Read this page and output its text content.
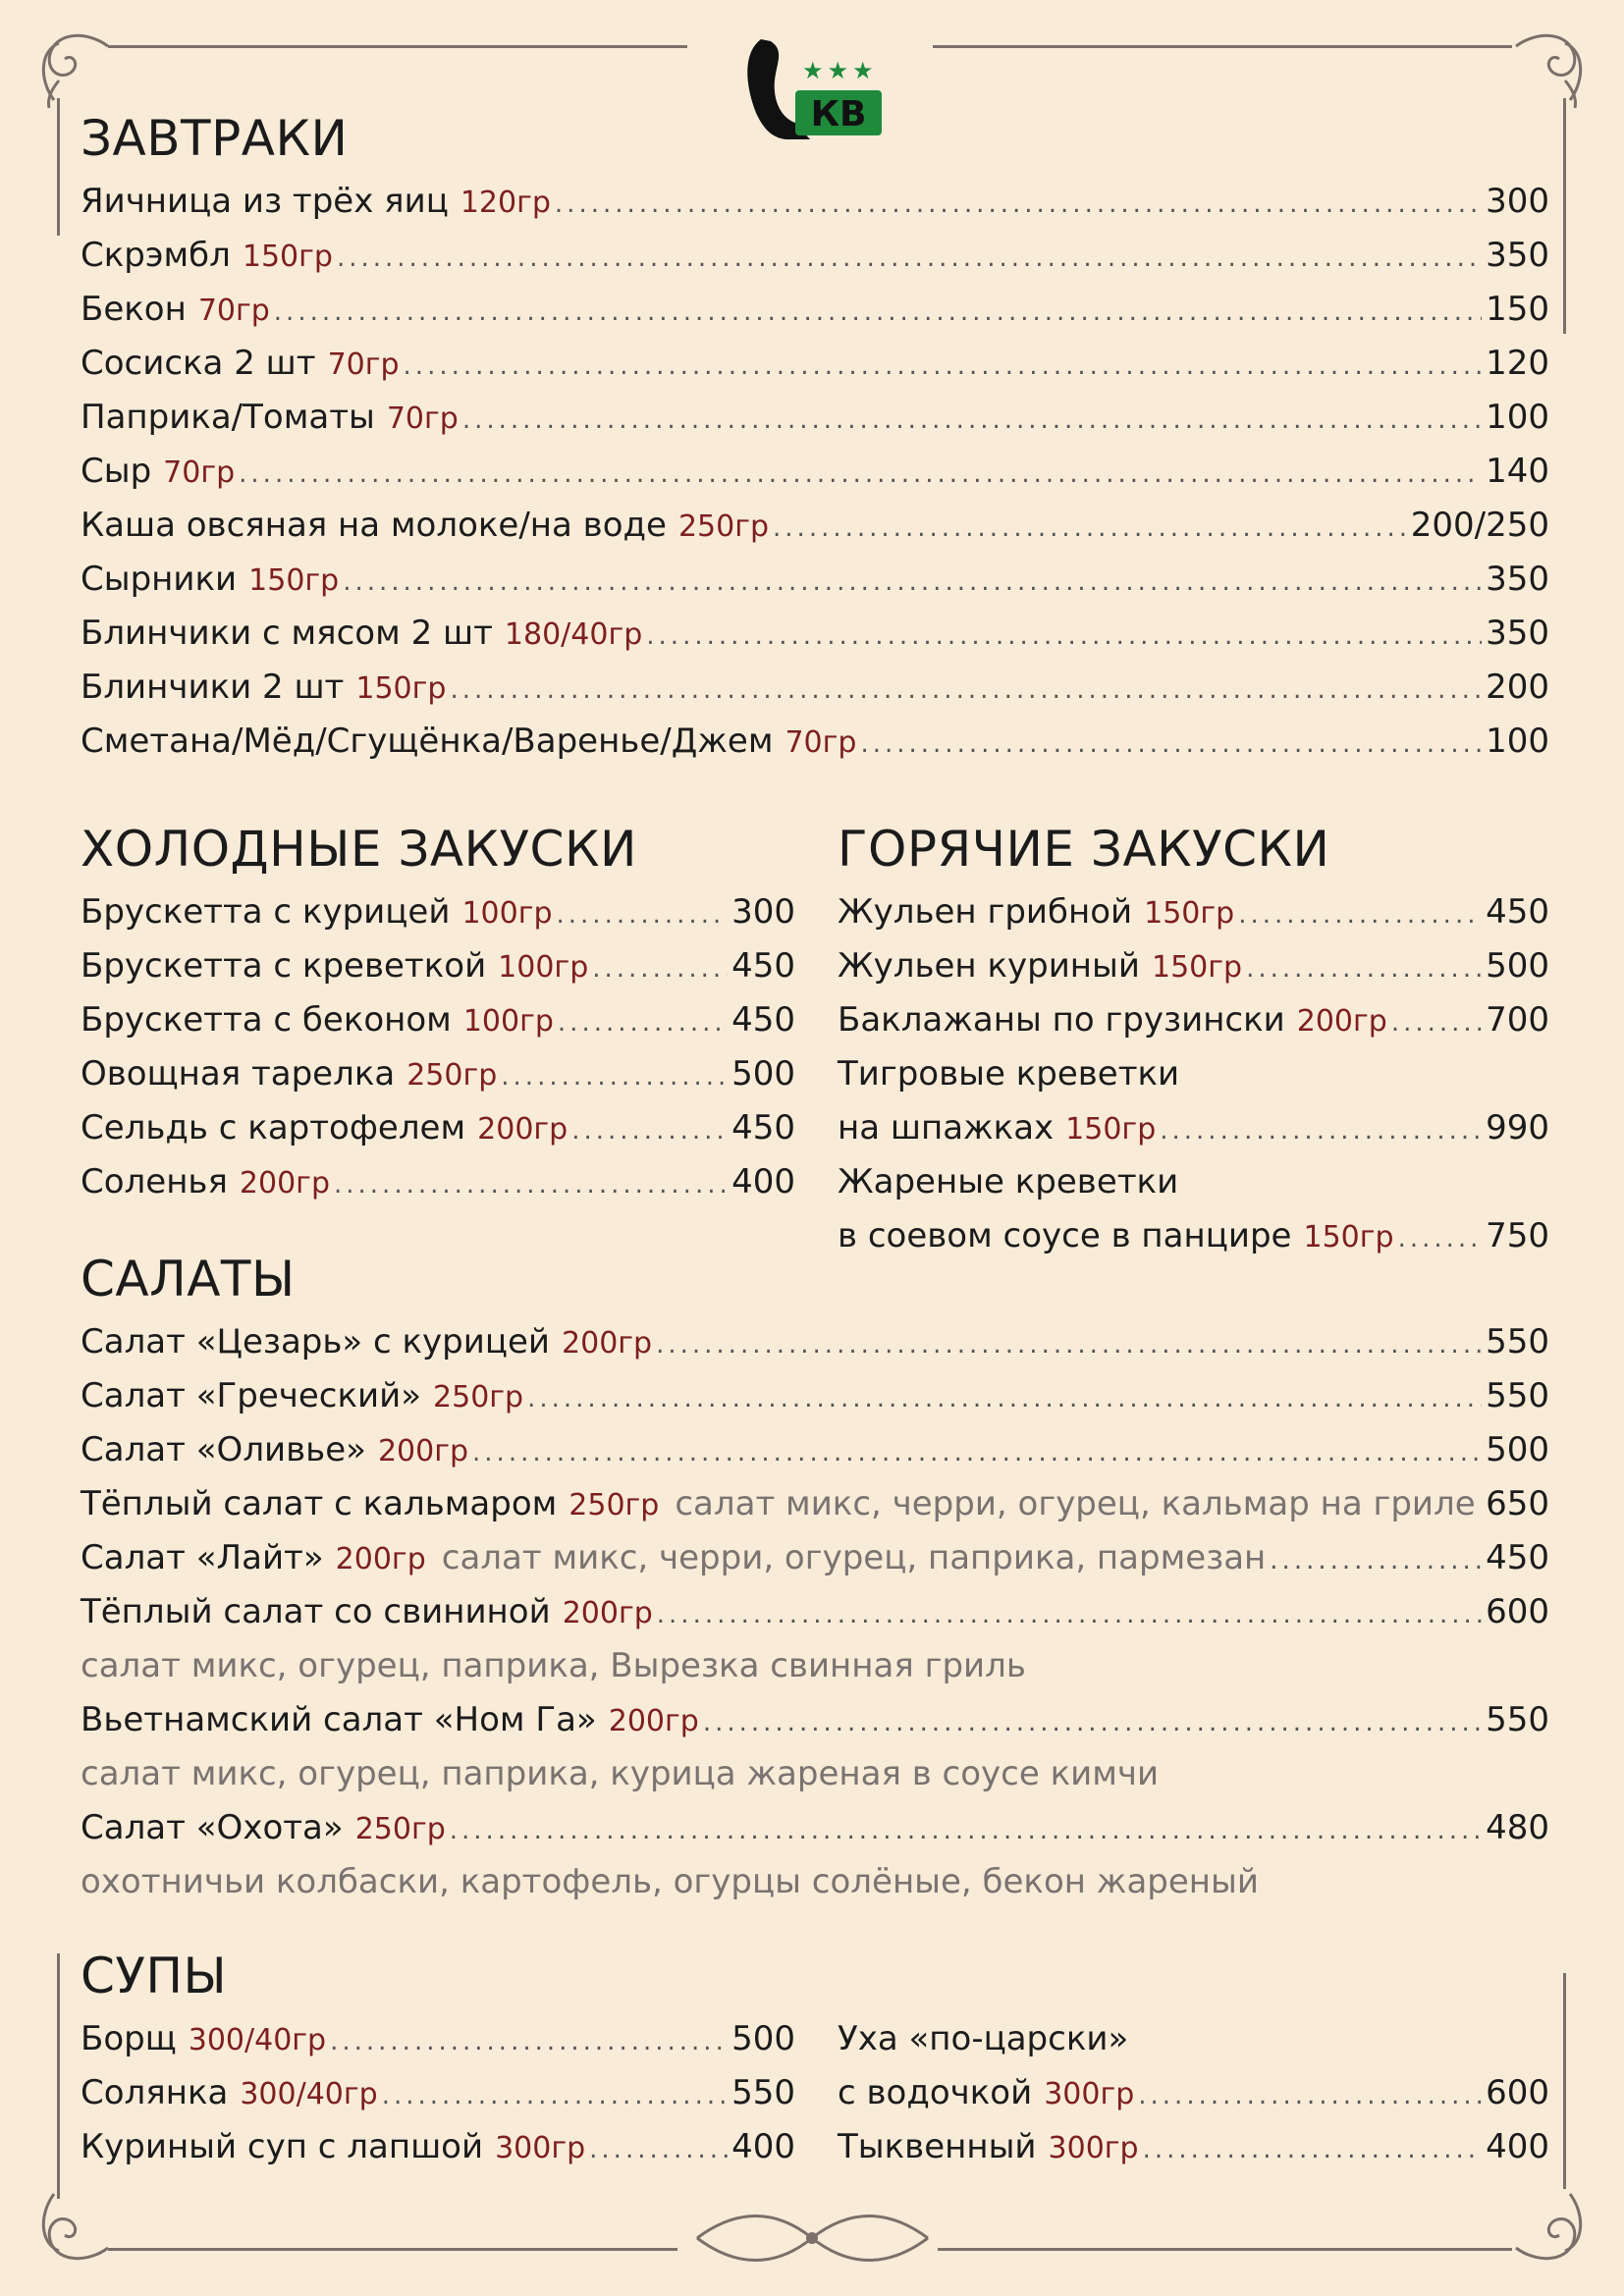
КВ
★★★
ЗАВТРАКИ
Яичница из трёх яиц 120гр .....	300
Скрэмбл 150гр .....	350
Бекон 70гр .....	150
Сосиска 2 шт 70гр .....	120
Паприка/Томаты 70гр .....	100
Сыр 70гр .....	140
Каша овсяная на молоке/на воде 250гр .....	200/250
Сырники 150гр .....	350
Блинчики с мясом 2 шт 180/40гр .....	350
Блинчики 2 шт 150гр .....	200
Сметана/Мёд/Сгущёнка/Варенье/Джем 70гр .....	100
ХОЛОДНЫЕ ЗАКУСКИ
Брускетта с курицей 100гр .....	300
Брускетта с креветкой 100гр .....	450
Брускетта с беконом 100гр .....	450
Овощная тарелка 250гр .....	500
Сельдь с картофелем 200гр .....	450
Соленья 200гр .....	400
ГОРЯЧИЕ ЗАКУСКИ
Жульен грибной 150гр .....	450
Жульен куриный 150гр .....	500
Баклажаны по грузински 200гр .....	700
Тигровые креветки
на шпажках 150гр .....	990
Жареные креветки
в соевом соусе в панцире 150гр .....	750
САЛАТЫ
Салат «Цезарь» с курицей 200гр .....	550
Салат «Греческий» 250гр .....	550
Салат «Оливье» 200гр .....	500
Тёплый салат с кальмаром 250гр салат микс, черри, огурец, кальмар на гриле ..... 650
Салат «Лайт» 200гр салат микс, черри, огурец, паприка, пармезан .....	450
Тёплый салат со свининой 200гр .....	600
салат микс, огурец, паприка, Вырезка свинная гриль
Вьетнамский салат «Ном Га» 200гр .....	550
салат микс, огурец, паприка, курица жареная в соусе кимчи
Салат «Охота» 250гр .....	480
охотничьи колбаски, картофель, огурцы солёные, бекон жареный
СУПЫ
Борщ 300/40гр .....	500
Солянка 300/40гр .....	550
Куриный суп с лапшой 300гр .....	400
Уха «по-царски»
с водочкой 300гр .....	600
Тыквенный 300гр .....	400
